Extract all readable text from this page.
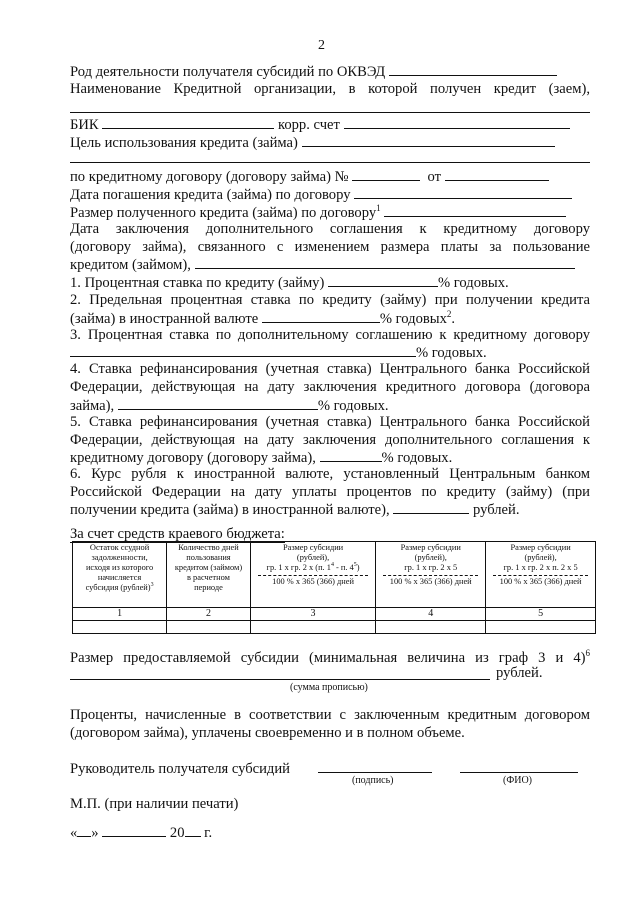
2
Род деятельности получателя субсидий по ОКВЭД
Наименование Кредитной организации, в которой получен кредит (заем),
БИК	корр. счет
Цель использования кредита (займа)
по кредитному договору (договору займа) №	от
Дата погашения кредита (займа) по договору
Размер полученного кредита (займа) по договору$^1$
Дата заключения дополнительного соглашения к кредитному договору
(договору займа), связанного с изменением размера платы за пользование
кредитом (займом),
1. Процентная ставка по кредиту (займу)	% годовых.
2. Предельная процентная ставка по кредиту (займу) при получении кредита
(займа) в иностранной валюте	% годовых$^2$.
3. Процентная ставка по дополнительному соглашению к кредитному договору
% годовых.
4. Ставка рефинансирования (учетная ставка) Центрального банка Российской
Федерации, действующая на дату заключения кредитного договора (договора
займа),	% годовых.
5. Ставка рефинансирования (учетная ставка) Центрального банка Российской
Федерации, действующая на дату заключения дополнительного соглашения к
кредитному договору (договору займа),	% годовых.
6. Курс рубля к иностранной валюте, установленный Центральным банком
Российской Федерации на дату уплаты процентов по кредиту (займу) (при
получении кредита (займа) в иностранной валюте),	рублей.
За счет средств краевого бюджета:
Остаток ссудной
задолженности,
исходя из которого
начисляется
субсидия (рублей)$^3$	Количество дней
пользования
кредитом (займом)
в расчетном
периоде	Размер субсидии
(рублей),
гр. 1 х гр. 2 х (п. $1^4$ - п. $4^5$)
100 % х 365 (366) дней	Размер субсидии
(рублей),
гр. 1 х гр. 2 х 5
100 % х 365 (366) дней	Размер субсидии
(рублей),
гр. 1 х гр. 2 х п. 2 х 5
100 % х 365 (366) дней
1	2	3	4	5

Размер предоставляемой субсидии (минимальная величина из граф 3 и 4)$^6$
рублей.
(сумма прописью)
Проценты, начисленные в соответствии с заключенным кредитным договором
(договором займа), уплачены своевременно и в полном объеме.
Руководитель получателя субсидий
(подпись)	(ФИО)
М.П. (при наличии печати)
« »	20 г.
